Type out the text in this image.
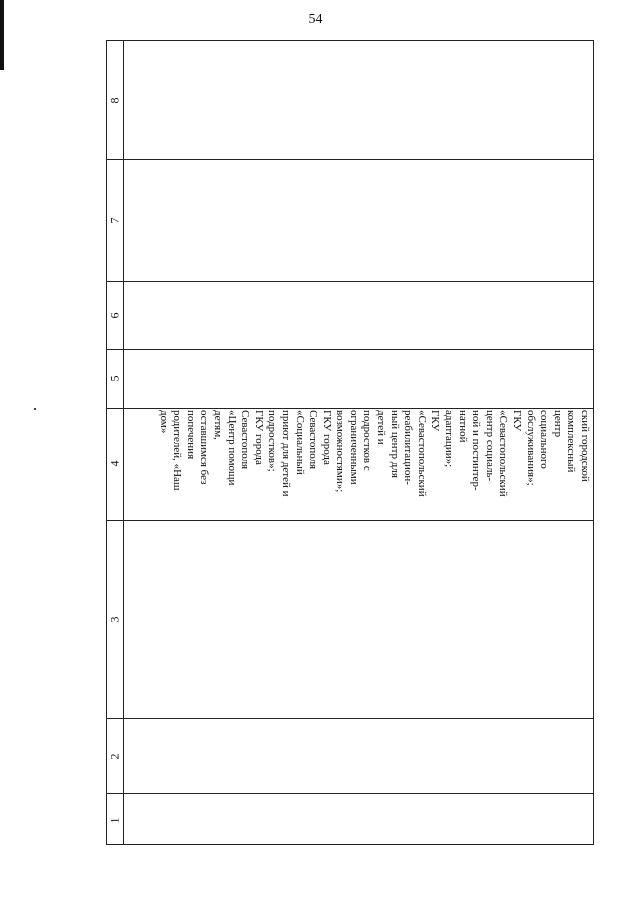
54
8
7
6
5
4
3
2
1
ский городской
комплексный
центр
социального
обслуживания»;
ГКУ
«Севастопольский
центр социаль-
ной и постинтер-
натной
адаптации»;
ГКУ
«Севастопольский
реабилитацион-
ный центр для
детей и
подростков с
ограниченными
возможностями»;
ГКУ города
Севастополя
«Социальный
приют для детей и
подростков»;
ГКУ города
Севастополя
«Центр помощи
детям,
оставшимся без
попечения
родителей, «Наш
дом»
